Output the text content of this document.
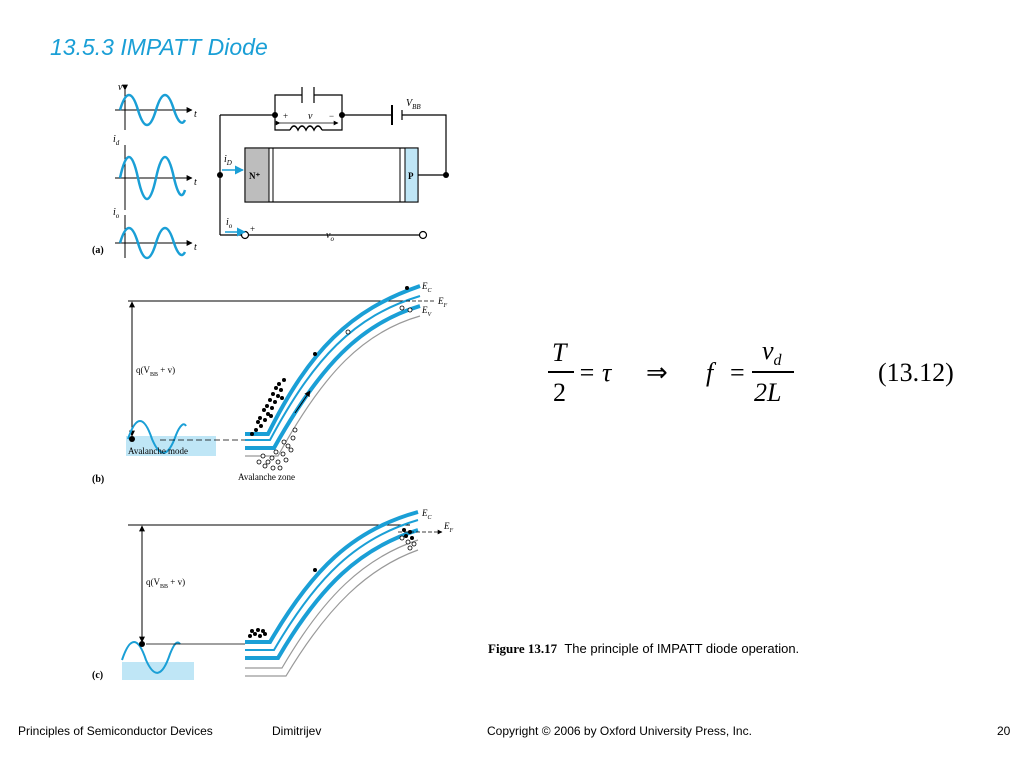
13.5.3 IMPATT Diode
v
t
$i_d$
t
$i_o$
t
+	−
v
$V_{BB}$
N⁺	P
$i_D$
$i_o$ +
$v_o$
(a)
$q(V_{BB} + v)$
Avalanche mode
Avalanche zone
$E_C$
$E_F$
$E_V$
(b)
$q(V_{BB} + v)$
$E_C$
$E_F$
(c)
T
2
= τ ⇒ f =
$v_d$
2L
(13.12)
Figure 13.17 The principle of IMPATT diode operation.
Principles of Semiconductor Devices	Dimitrijev	Copyright © 2006 by Oxford University Press, Inc.	20
